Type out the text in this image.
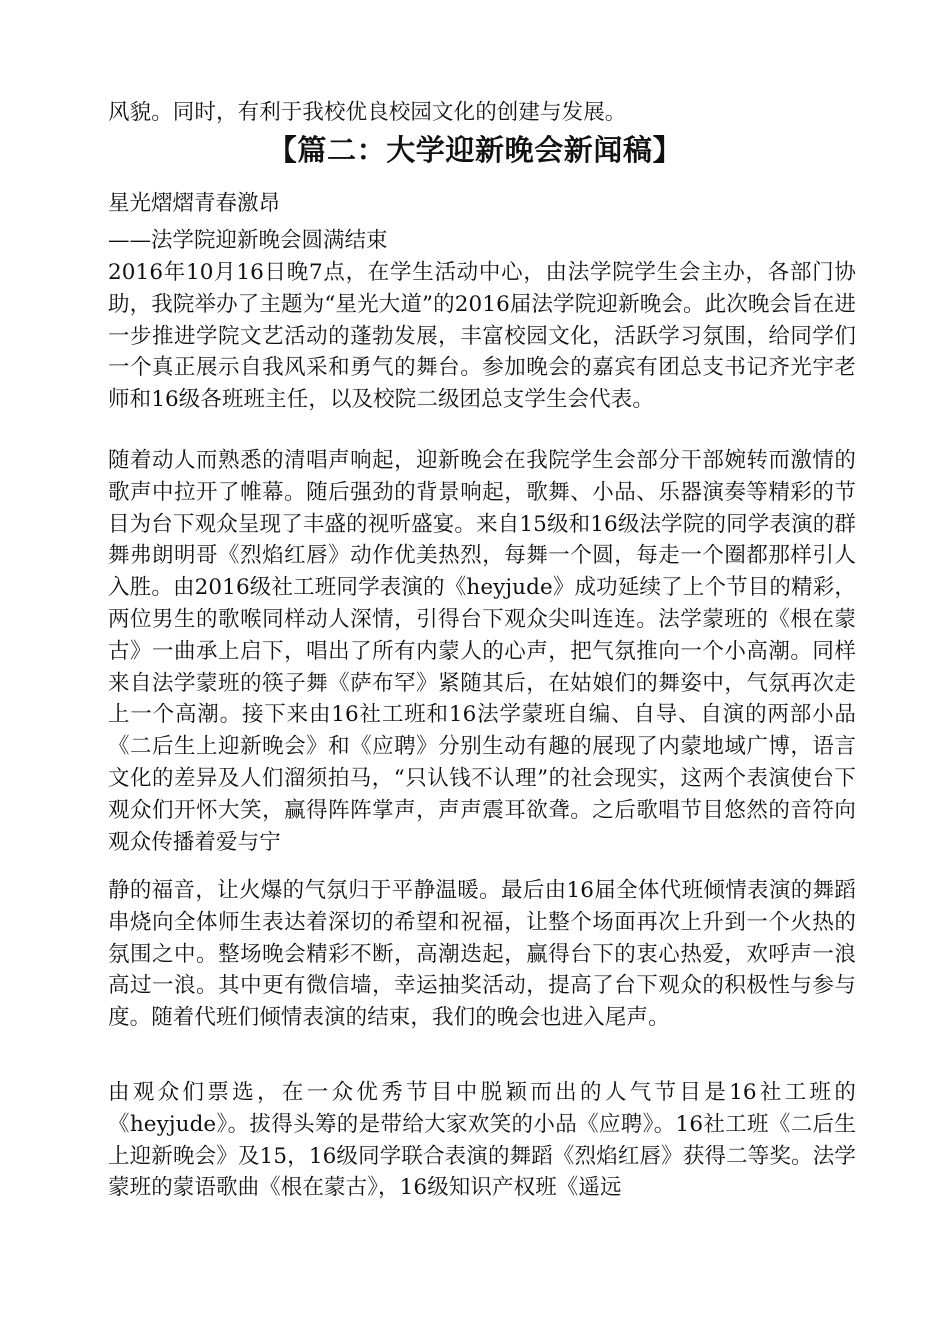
风貌。同时，有利于我校优良校园文化的创建与发展。

【篇二：大学迎新晚会新闻稿】

星光熠熠青春激昂

——法学院迎新晚会圆满结束

2016年10月16日晚7点，在学生活动中心，由法学院学生会主办，各部门协助，我院举办了主题为“星光大道”的2016届法学院迎新晚会。此次晚会旨在进一步推进学院文艺活动的蓬勃发展，丰富校园文化，活跃学习氛围，给同学们一个真正展示自我风采和勇气的舞台。参加晚会的嘉宾有团总支书记齐光宇老师和16级各班班主任，以及校院二级团总支学生会代表。

随着动人而熟悉的清唱声响起，迎新晚会在我院学生会部分干部婉转而激情的歌声中拉开了帷幕。随后强劲的背景响起，歌舞、小品、乐器演奏等精彩的节目为台下观众呈现了丰盛的视听盛宴。来自15级和16级法学院的同学表演的群舞弗朗明哥《烈焰红唇》动作优美热烈，每舞一个圆，每走一个圈都那样引人入胜。由2016级社工班同学表演的《heyjude》成功延续了上个节目的精彩，两位男生的歌喉同样动人深情，引得台下观众尖叫连连。法学蒙班的《根在蒙古》一曲承上启下，唱出了所有内蒙人的心声，把气氛推向一个小高潮。同样来自法学蒙班的筷子舞《萨布罕》紧随其后，在姑娘们的舞姿中，气氛再次走上一个高潮。接下来由16社工班和16法学蒙班自编、自导、自演的两部小品《二后生上迎新晚会》和《应聘》分别生动有趣的展现了内蒙地域广博，语言文化的差异及人们溜须拍马，“只认钱不认理”的社会现实，这两个表演使台下观众们开怀大笑，赢得阵阵掌声，声声震耳欲聋。之后歌唱节目悠然的音符向观众传播着爱与宁

静的福音，让火爆的气氛归于平静温暖。最后由16届全体代班倾情表演的舞蹈串烧向全体师生表达着深切的希望和祝福，让整个场面再次上升到一个火热的氛围之中。整场晚会精彩不断，高潮迭起，赢得台下的衷心热爱，欢呼声一浪高过一浪。其中更有微信墙，幸运抽奖活动，提高了台下观众的积极性与参与度。随着代班们倾情表演的结束，我们的晚会也进入尾声。

由观众们票选，在一众优秀节目中脱颖而出的人气节目是16社工班的《heyjude》。拔得头筹的是带给大家欢笑的小品《应聘》。16社工班《二后生上迎新晚会》及15，16级同学联合表演的舞蹈《烈焰红唇》获得二等奖。法学蒙班的蒙语歌曲《根在蒙古》，16级知识产权班《遥远
